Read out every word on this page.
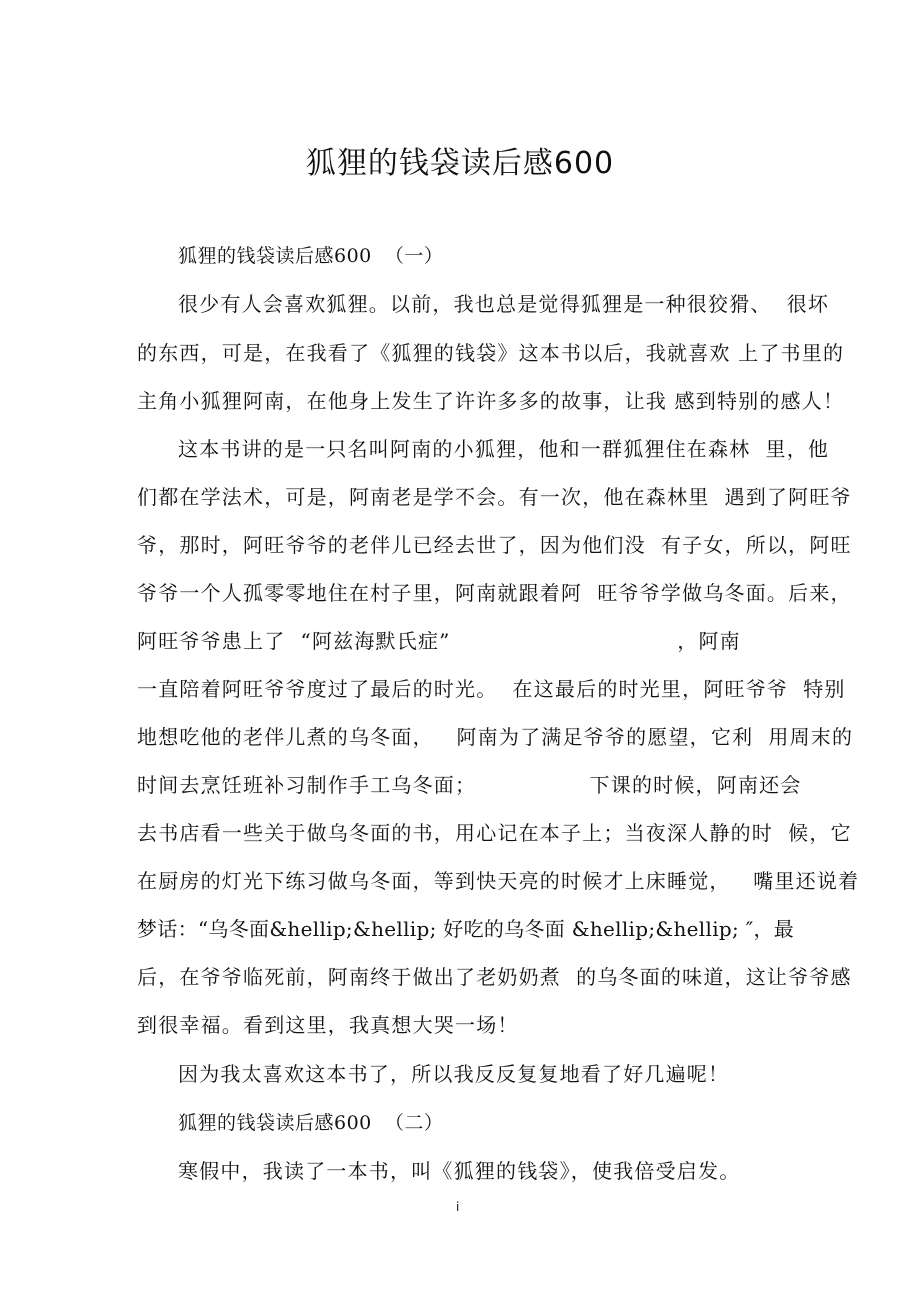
狐狸的钱袋读后感600
狐狸的钱袋读后感600  （一）
很少有人会喜欢狐狸。以前，我也总是觉得狐狸是一种很狡猾、  很坏
的东西，可是，在我看了《狐狸的钱袋》这本书以后，我就喜欢 上了书里的
主角小狐狸阿南，在他身上发生了许许多多的故事，让我 感到特别的感人！
这本书讲的是一只名叫阿南的小狐狸，他和一群狐狸住在森林  里，他
们都在学法术，可是，阿南老是学不会。有一次，他在森林里  遇到了阿旺爷
爷，那时，阿旺爷爷的老伴儿已经去世了，因为他们没  有子女，所以，阿旺
爷爷一个人孤零零地住在村子里，阿南就跟着阿  旺爷爷学做乌冬面。后来，
阿旺爷爷患上了  “阿兹海默氏症”                              ，阿南
一直陪着阿旺爷爷度过了最后的时光。  在这最后的时光里，阿旺爷爷  特别
地想吃他的老伴儿煮的乌冬面，   阿南为了满足爷爷的愿望，它利  用周末的
时间去烹饪班补习制作手工乌冬面；               下课的时候，阿南还会
去书店看一些关于做乌冬面的书，用心记在本子上；当夜深人静的时  候，它
在厨房的灯光下练习做乌冬面，等到快天亮的时候才上床睡觉，   嘴里还说着
梦话：“乌冬面&hellip;&hellip; 好吃的乌冬面 &hellip;&hellip; ″，最
后，在爷爷临死前，阿南终于做出了老奶奶煮  的乌冬面的味道，这让爷爷感
到很幸福。看到这里，我真想大哭一场！
因为我太喜欢这本书了，所以我反反复复地看了好几遍呢！
狐狸的钱袋读后感600  （二）
寒假中，我读了一本书，叫《狐狸的钱袋》，使我倍受启发。
i
